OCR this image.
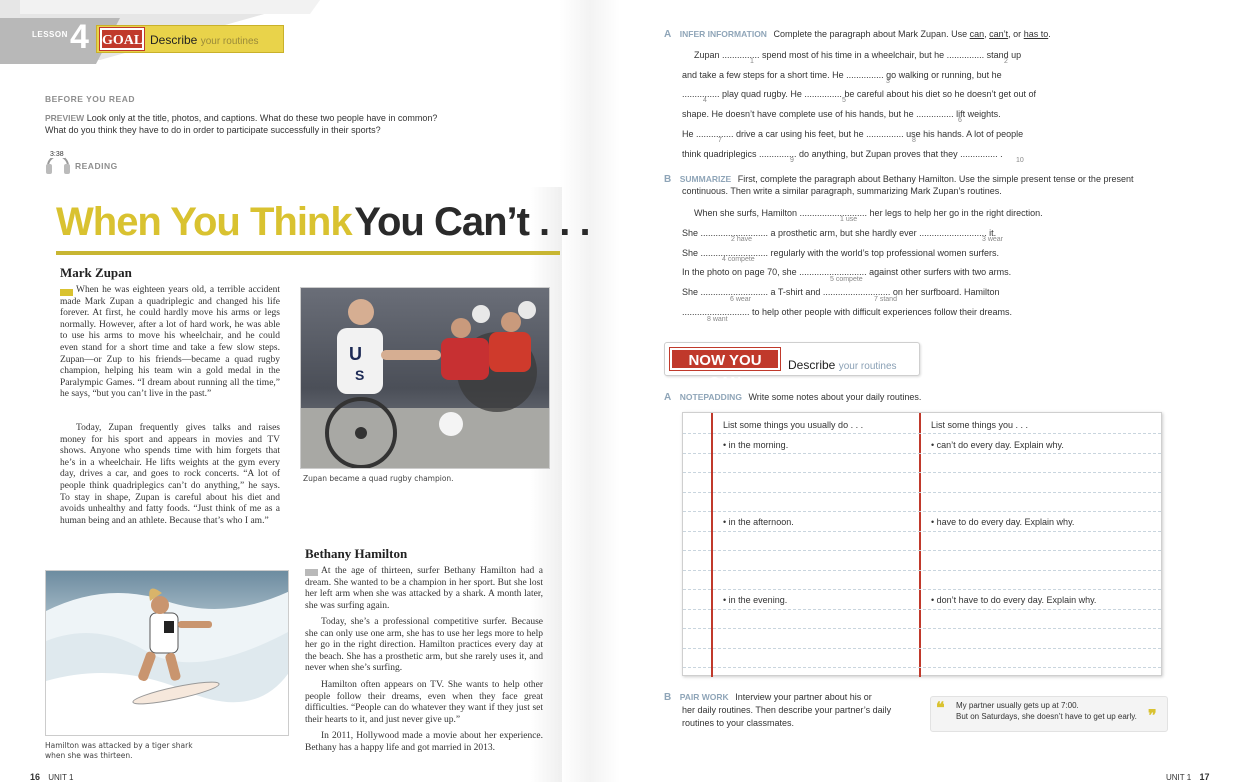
LESSON 4 GOAL Describe your routines
BEFORE YOU READ
PREVIEW Look only at the title, photos, and captions. What do these two people have in common?
What do you think they have to do in order to participate successfully in their sports?
3:38
READING
When You Think You Can’t . . .
Mark Zupan
When he was eighteen years old, a terrible accident made Mark Zupan a quadriplegic and changed his life forever. At first, he could hardly move his arms or legs normally. However, after a lot of hard work, he was able to use his arms to move his wheelchair, and he could even stand for a short time and take a few slow steps. Zupan—or Zup to his friends—became a quad rugby champion, helping his team win a gold medal in the Paralympic Games. “I dream about running all the time,” he says, “but you can’t live in the past.”
Today, Zupan frequently gives talks and raises money for his sport and appears in movies and TV shows. Anyone who spends time with him forgets that he’s in a wheelchair. He lifts weights at the gym every day, drives a car, and goes to rock concerts. “A lot of people think quadriplegics can’t do anything,” he says. To stay in shape, Zupan is careful about his diet and avoids unhealthy and fatty foods. “Just think of me as a human being and an athlete. Because that’s who I am.”
U
S
Zupan became a quad rugby champion.
Bethany Hamilton
At the age of thirteen, surfer Bethany Hamilton had a dream. She wanted to be a champion in her sport. But she lost her left arm when she was attacked by a shark. A month later, she was surfing again.
Today, she’s a professional competitive surfer. Because she can only use one arm, she has to use her legs more to help her go in the right direction. Hamilton practices every day at the beach. She has a prosthetic arm, but she rarely uses it, and never when she’s surfing.
Hamilton often appears on TV. She wants to help other people follow their dreams, even when they face great difficulties. “People can do whatever they want if they just set their hearts to it, and just never give up.”
In 2011, Hollywood made a movie about her experience. Bethany has a happy life and got married in 2013.
Hamilton was attacked by a tiger shark
when she was thirteen.
16 UNIT 1
A INFER INFORMATION Complete the paragraph about Mark Zupan. Use can, can’t, or has to.
Zupan ............... spend most of his time in a wheelchair, but he ............... stand up
and take a few steps for a short time. He ............... go walking or running, but he
............... play quad rugby. He ............... be careful about his diet so he doesn’t get out of
shape. He doesn’t have complete use of his hands, but he ............... lift weights.
He ............... drive a car using his feet, but he ............... use his hands. A lot of people
think quadriplegics ............... do anything, but Zupan proves that they ............... .
1	2
3
4	5
6
7	8
9	10
B SUMMARIZE First, complete the paragraph about Bethany Hamilton. Use the simple present tense or the present
continuous. Then write a similar paragraph, summarizing Mark Zupan’s routines.
When she surfs, Hamilton ........................... her legs to help her go in the right direction.
She ........................... a prosthetic arm, but she hardly ever ........................... it.
She ........................... regularly with the world’s top professional women surfers.
In the photo on page 70, she ........................... against other surfers with two arms.
She ........................... a T-shirt and ........................... on her surfboard. Hamilton
........................... to help other people with difficult experiences follow their dreams.
1 use
2 have	3 wear
4 compete
5 compete
6 wear	7 stand
8 want
NOW YOU CAN
Describe your routines
A NOTEPADDING Write some notes about your daily routines.
List some things you usually do . . .	List some things you . . .
• in the morning.	• can’t do every day. Explain why.
• in the afternoon.	• have to do every day. Explain why.
• in the evening.	• don’t have to do every day. Explain why.
B PAIR WORK Interview your partner about his or
her daily routines. Then describe your partner’s daily
routines to your classmates.
❝	❞
My partner usually gets up at 7:00.
But on Saturdays, she doesn’t have to get up early.
UNIT 1 17
